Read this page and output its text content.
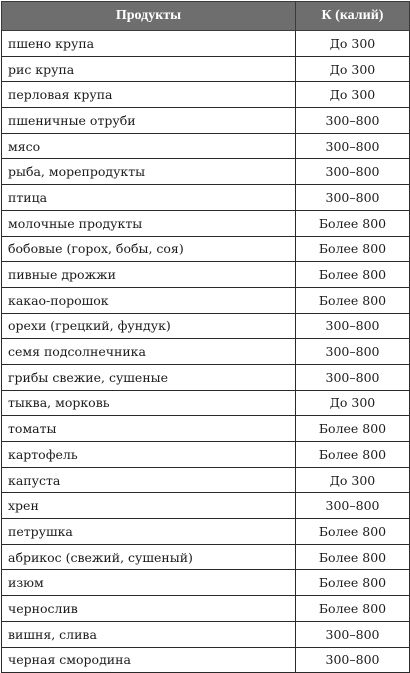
Продукты	К (калий)
пшено крупа	До 300
рис крупа	До 300
перловая крупа	До 300
пшеничные отруби	300–800
мясо	300–800
рыба, морепродукты	300–800
птица	300–800
молочные продукты	Более 800
бобовые (горох, бобы, соя)	Более 800
пивные дрожжи	Более 800
какао-порошок	Более 800
орехи (грецкий, фундук)	300–800
семя подсолнечника	300–800
грибы свежие, сушеные	300–800
тыква, морковь	До 300
томаты	Более 800
картофель	Более 800
капуста	До 300
хрен	300–800
петрушка	Более 800
абрикос (свежий, сушеный)	Более 800
изюм	Более 800
чернослив	Более 800
вишня, слива	300–800
черная смородина	300–800
